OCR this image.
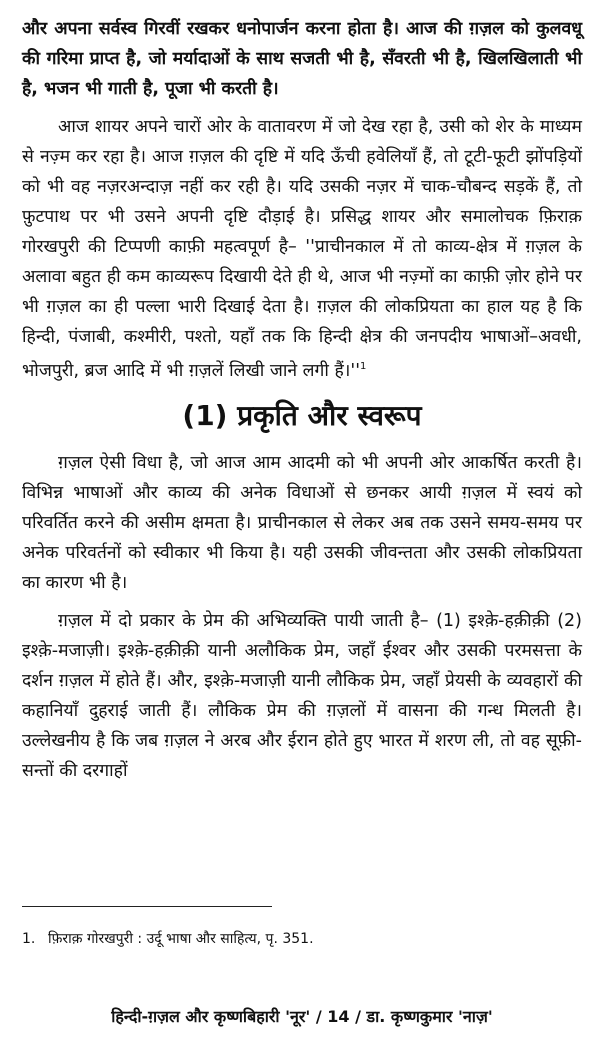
और अपना सर्वस्व गिरवीं रखकर धनोपार्जन करना होता है। आज की ग़ज़ल को कुलवधू की गरिमा प्राप्त है, जो मर्यादाओं के साथ सजती भी है, सँवरती भी है, खिलखिलाती भी है, भजन भी गाती है, पूजा भी करती है।

आज शायर अपने चारों ओर के वातावरण में जो देख रहा है, उसी को शेर के माध्यम से नज़्म कर रहा है। आज ग़ज़ल की दृष्टि में यदि ऊँची हवेलियाँ हैं, तो टूटी-फूटी झोंपड़ियों को भी वह नज़रअन्दाज़ नहीं कर रही है। यदि उसकी नज़र में चाक-चौबन्द सड़कें हैं, तो फ़ुटपाथ पर भी उसने अपनी दृष्टि दौड़ाई है। प्रसिद्ध शायर और समालोचक फ़िराक़ गोरखपुरी की टिप्पणी काफ़ी महत्वपूर्ण है– ''प्राचीनकाल में तो काव्य-क्षेत्र में ग़ज़ल के अलावा बहुत ही कम काव्यरूप दिखायी देते ही थे, आज भी नज़्मों का काफ़ी ज़ोर होने पर भी ग़ज़ल का ही पल्ला भारी दिखाई देता है। ग़ज़ल की लोकप्रियता का हाल यह है कि हिन्दी, पंजाबी, कश्मीरी, पश्तो, यहाँ तक कि हिन्दी क्षेत्र की जनपदीय भाषाओं–अवधी, भोजपुरी, ब्रज आदि में भी ग़ज़लें लिखी जाने लगी $हैं।''^1$

(1) प्रकृति और स्वरूप

ग़ज़ल ऐसी विधा है, जो आज आम आदमी को भी अपनी ओर आकर्षित करती है। विभिन्न भाषाओं और काव्य की अनेक विधाओं से छनकर आयी ग़ज़ल में स्वयं को परिवर्तित करने की असीम क्षमता है। प्राचीनकाल से लेकर अब तक उसने समय-समय पर अनेक परिवर्तनों को स्वीकार भी किया है। यही उसकी जीवन्तता और उसकी लोकप्रियता का कारण भी है।

ग़ज़ल में दो प्रकार के प्रेम की अभिव्यक्ति पायी जाती है– (1) इश्क़े-हक़ीक़ी (2) इश्क़े-मजाज़ी। इश्क़े-हक़ीक़ी यानी अलौकिक प्रेम, जहाँ ईश्वर और उसकी परमसत्ता के दर्शन ग़ज़ल में होते हैं। और, इश्क़े-मजाज़ी यानी लौकिक प्रेम, जहाँ प्रेयसी के व्यवहारों की कहानियाँ दुहराई जाती हैं। लौकिक प्रेम की ग़ज़लों में वासना की गन्ध मिलती है। उल्लेखनीय है कि जब ग़ज़ल ने अरब और ईरान होते हुए भारत में शरण ली, तो वह सूफ़ी-सन्तों की दरगाहों

1. फ़िराक़ गोरखपुरी : उर्दू भाषा और साहित्य, पृ. 351.
हिन्दी-ग़ज़ल और कृष्णबिहारी 'नूर' / 14 / डा. कृष्णकुमार 'नाज़'
